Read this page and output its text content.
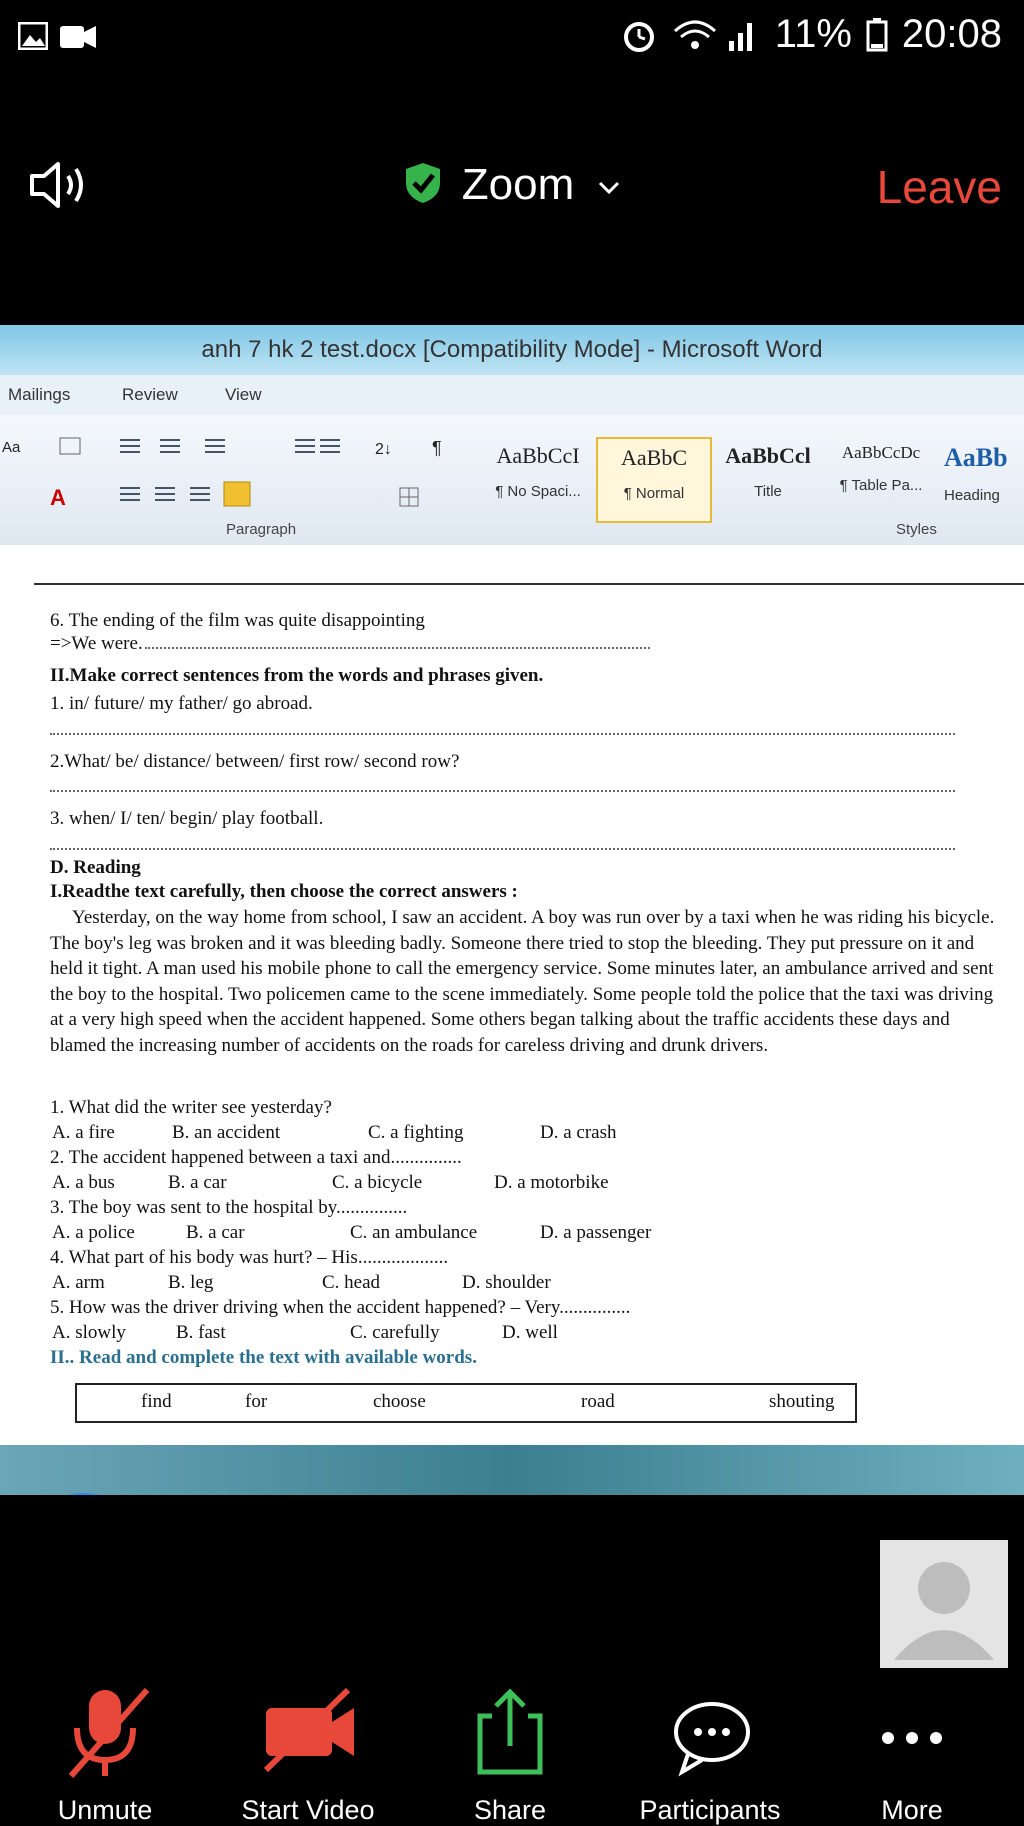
11% 20:08
Zoom	Leave
anh 7 hk 2 test.docx [Compatibility Mode] - Microsoft Word
Mailings	Review	View
Aa
A
2↓ ¶
Paragraph
AaBbCcI
¶ No Spaci...
AaBbC
¶ Normal
AaBbCcl
Title
AaBbCcDc
¶ Table Pa...
AaBb
Heading
Styles
6. The ending of the film was quite disappointing
=>We were.
II.Make correct sentences from the words and phrases given.
1. in/ future/ my father/ go abroad.
2.What/ be/ distance/ between/ first row/ second row?
3. when/ I/ ten/ begin/ play football.
D. Reading
I.Readthe text carefully, then choose the correct answers :
Yesterday, on the way home from school, I saw an accident. A boy was run over by a taxi when he was riding his bicycle. The boy's leg was broken and it was bleeding badly. Someone there tried to stop the bleeding. They put pressure on it and held it tight. A man used his mobile phone to call the emergency service. Some minutes later, an ambulance arrived and sent the boy to the hospital. Two policemen came to the scene immediately. Some people told the police that the taxi was driving at a very high speed when the accident happened. Some others began talking about the traffic accidents these days and blamed the increasing number of accidents on the roads for careless driving and drunk drivers.
1. What did the writer see yesterday?
A. a fire	B. an accident	C. a fighting	D. a crash
2. The accident happened between a taxi and...............
A. a bus	B. a car	C. a bicycle	D. a motorbike
3. The boy was sent to the hospital by...............
A. a police	B. a car	C. an ambulance	D. a passenger
4. What part of his body was hurt? – His...................
A. arm	B. leg	C. head	D. shoulder
5. How was the driver driving when the accident happened? – Very...............
A. slowly	B. fast	C. carefully	D. well
II.. Read and complete the text with available words.
find	for	choose	road	shouting
Unmute	Start Video	Share	Participants	More
